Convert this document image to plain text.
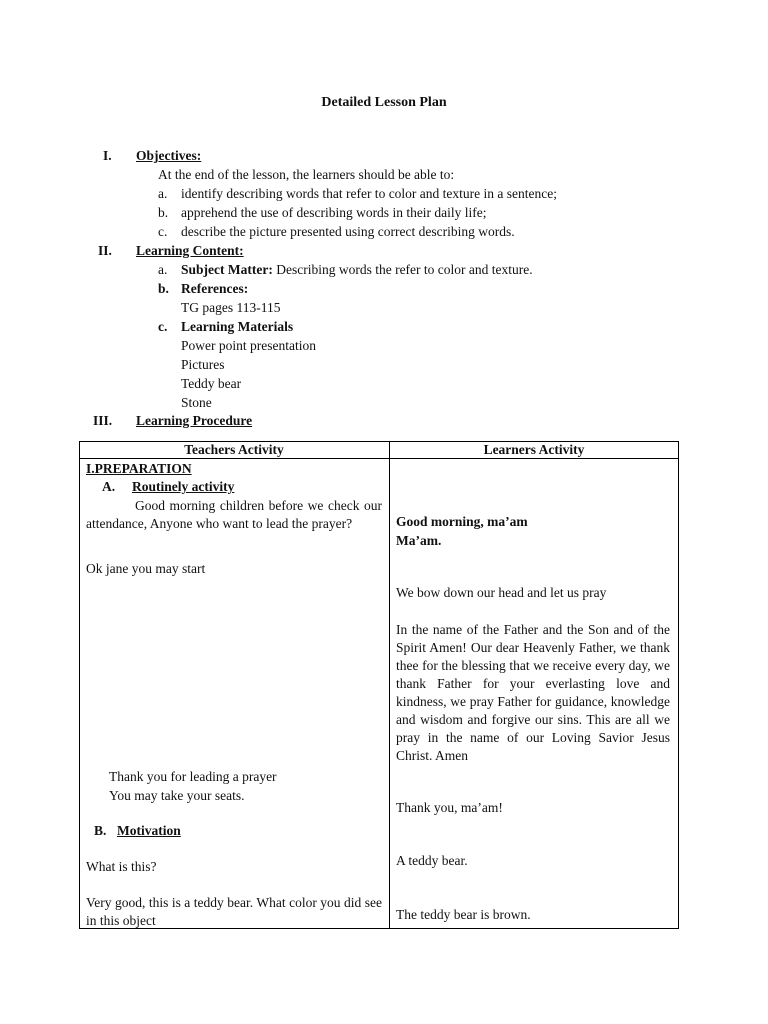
Detailed Lesson Plan
I. Objectives:
At the end of the lesson, the learners should be able to:
a. identify describing words that refer to color and texture in a sentence;
b. apprehend the use of describing words in their daily life;
c. describe the picture presented using correct describing words.
II. Learning Content:
a. Subject Matter: Describing words the refer to color and texture.
b. References:
TG pages 113-115
c. Learning Materials
Power point presentation
Pictures
Teddy bear
Stone
III. Learning Procedure
Teachers Activity	Learners Activity
I.PREPARATION
A. Routinely activity
Good morning children before we check our attendance, Anyone who want to lead the prayer?
Ok jane you may start
Thank you for leading a prayer
You may take your seats.
B. Motivation
What is this?
Very good, this is a teddy bear. What color you did see in this object
Good morning, ma’am
Ma’am.
We bow down our head and let us pray
In the name of the Father and the Son and of the Spirit Amen! Our dear Heavenly Father, we thank thee for the blessing that we receive every day, we thank Father for your everlasting love and kindness, we pray Father for guidance, knowledge and wisdom and forgive our sins. This are all we pray in the name of our Loving Savior Jesus Christ. Amen
Thank you, ma’am!
A teddy bear.
The teddy bear is brown.
